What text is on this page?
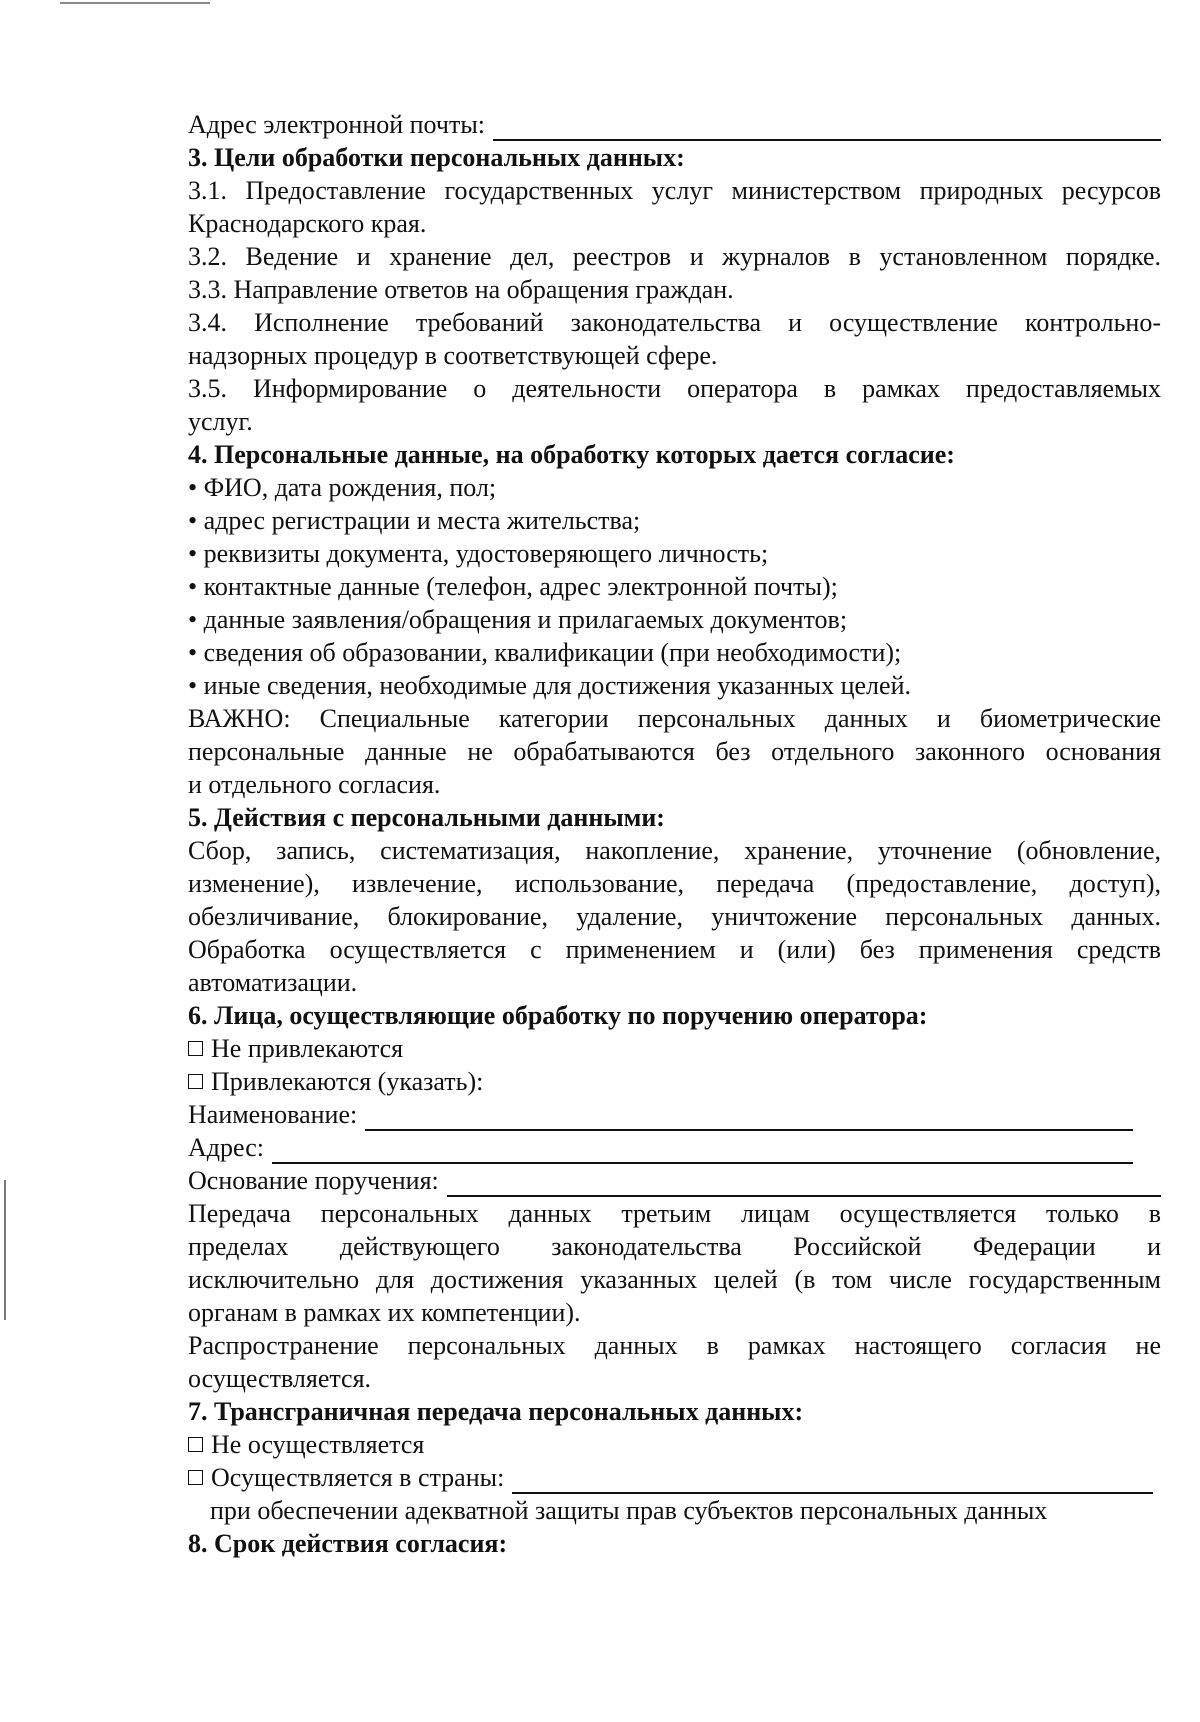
Адрес электронной почты:
3. Цели обработки персональных данных:
3.1. Предоставление государственных услуг министерством природных ресурсов
Краснодарского края.
3.2. Ведение и хранение дел, реестров и журналов в установленном порядке.
3.3. Направление ответов на обращения граждан.
3.4. Исполнение требований законодательства и осуществление контрольно-
надзорных процедур в соответствующей сфере.
3.5. Информирование о деятельности оператора в рамках предоставляемых
услуг.
4. Персональные данные, на обработку которых дается согласие:
• ФИО, дата рождения, пол;
• адрес регистрации и места жительства;
• реквизиты документа, удостоверяющего личность;
• контактные данные (телефон, адрес электронной почты);
• данные заявления/обращения и прилагаемых документов;
• сведения об образовании, квалификации (при необходимости);
• иные сведения, необходимые для достижения указанных целей.
ВАЖНО: Специальные категории персональных данных и биометрические
персональные данные не обрабатываются без отдельного законного основания
и отдельного согласия.
5. Действия с персональными данными:
Сбор, запись, систематизация, накопление, хранение, уточнение (обновление,
изменение), извлечение, использование, передача (предоставление, доступ),
обезличивание, блокирование, удаление, уничтожение персональных данных.
Обработка осуществляется с применением и (или) без применения средств
автоматизации.
6. Лица, осуществляющие обработку по поручению оператора:
Не привлекаются
Привлекаются (указать):
Наименование:
Адрес:
Основание поручения:
Передача персональных данных третьим лицам осуществляется только в
пределах действующего законодательства Российской Федерации и
исключительно для достижения указанных целей (в том числе государственным
органам в рамках их компетенции).
Распространение персональных данных в рамках настоящего согласия не
осуществляется.
7. Трансграничная передача персональных данных:
Не осуществляется
Осуществляется в страны:
при обеспечении адекватной защиты прав субъектов персональных данных
8. Срок действия согласия:
